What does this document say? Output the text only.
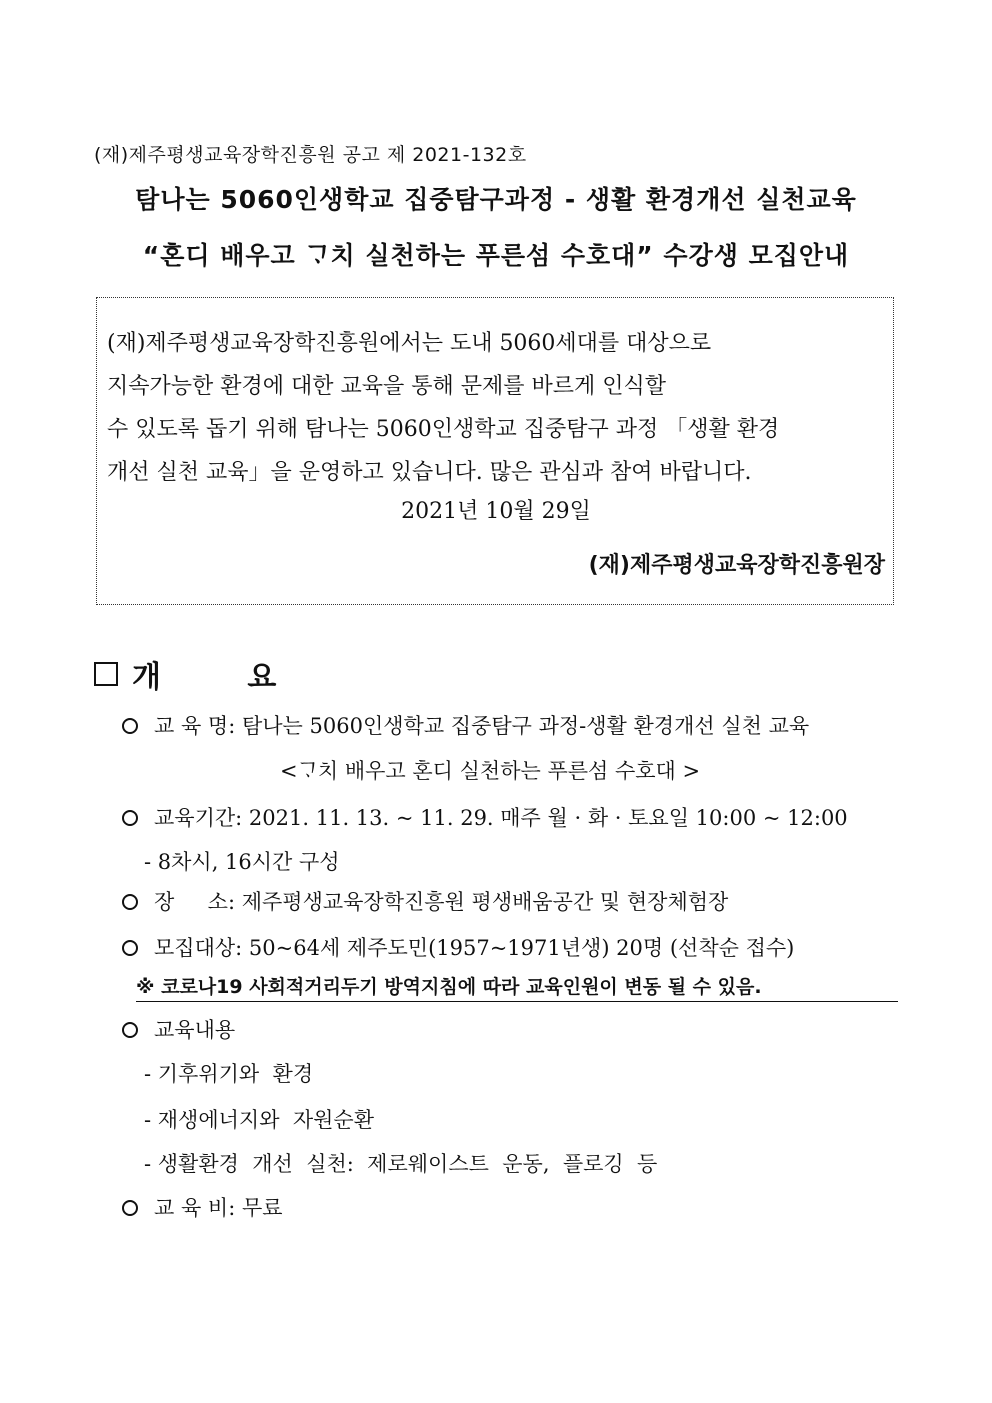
(재)제주평생교육장학진흥원 공고 제 2021-132호
탐나는 5060인생학교 집중탐구과정 - 생활 환경개선 실천교육
“혼디 배우고 ᄀᆞ치 실천하는 푸른섬 수호대” 수강생 모집안내
(재)제주평생교육장학진흥원에서는 도내 5060세대를 대상으로
지속가능한 환경에 대한 교육을 통해 문제를 바르게 인식할
수 있도록 돕기 위해 탐나는 5060인생학교 집중탐구 과정 「생활 환경
개선 실천 교육」을 운영하고 있습니다. 많은 관심과 참여 바랍니다.
2021년 10월 29일
(재)제주평생교육장학진흥원장
개 요
교 육 명: 탐나는 5060인생학교 집중탐구 과정-생활 환경개선 실천 교육
<ᄀᆞ치 배우고 혼디 실천하는 푸른섬 수호대 >
교육기간: 2021. 11. 13. ~ 11. 29. 매주 월 · 화 · 토요일 10:00 ~ 12:00
- 8차시, 16시간 구성
장     소: 제주평생교육장학진흥원 평생배움공간 및 현장체험장
모집대상: 50~64세 제주도민(1957~1971년생) 20명 (선착순 접수)
※ 코로나19 사회적거리두기 방역지침에 따라 교육인원이 변동 될 수 있음.
교육내용
- 기후위기와  환경
- 재생에너지와  자원순환
- 생활환경  개선  실천:  제로웨이스트  운동,  플로깅  등
교 육 비: 무료
